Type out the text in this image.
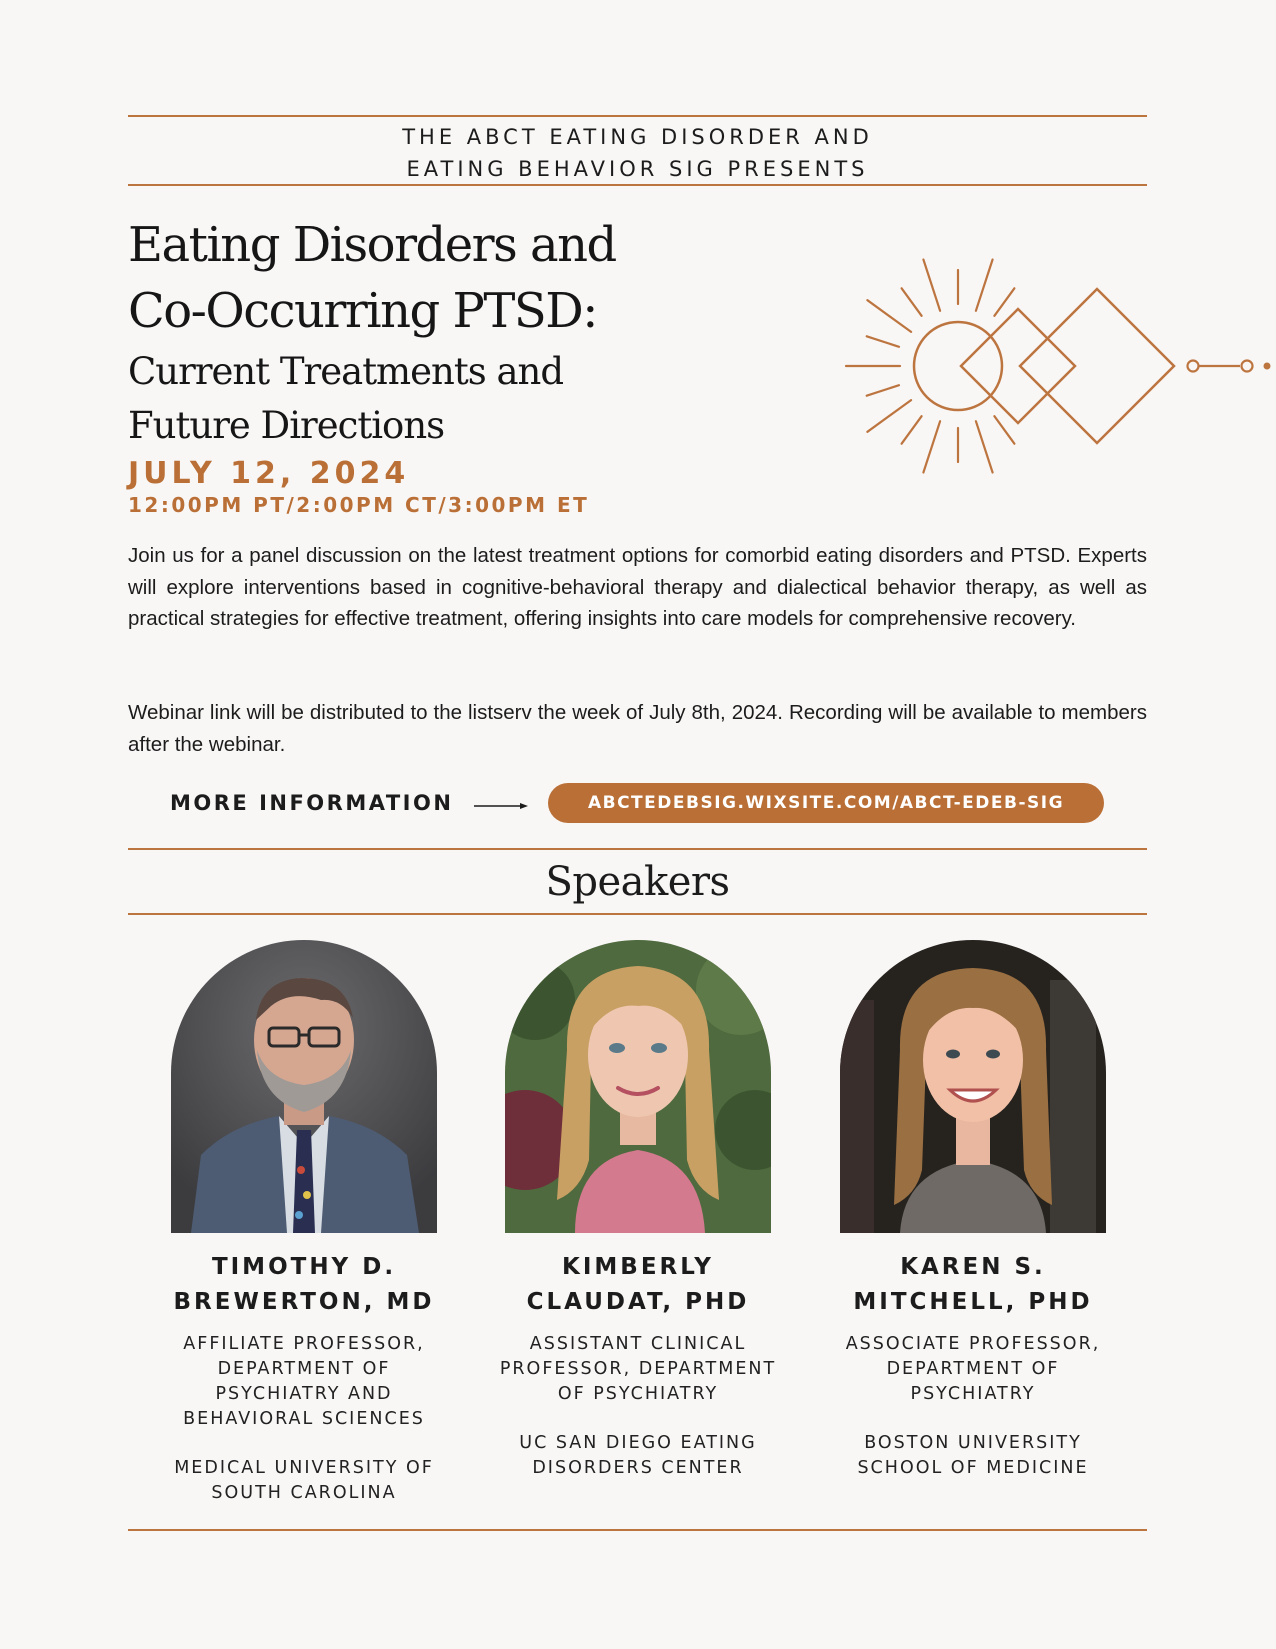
THE ABCT EATING DISORDER AND
EATING BEHAVIOR SIG PRESENTS
Eating Disorders and
Co-Occurring PTSD:
Current Treatments and
Future Directions
JULY 12, 2024
12:00PM PT/2:00PM CT/3:00PM ET
Join us for a panel discussion on the latest treatment options for comorbid eating disorders and PTSD. Experts will explore interventions based in cognitive-behavioral therapy and dialectical behavior therapy, as well as practical strategies for effective treatment, offering insights into care models for comprehensive recovery.
Webinar link will be distributed to the listserv the week of July 8th, 2024. Recording will be available to members after the webinar.
MORE INFORMATION	ABCTEDEBSIG.WIXSITE.COM/ABCT-EDEB-SIG
Speakers
TIMOTHY D.
BREWERTON, MD
AFFILIATE PROFESSOR,
DEPARTMENT OF
PSYCHIATRY AND
BEHAVIORAL SCIENCES
MEDICAL UNIVERSITY OF
SOUTH CAROLINA
KIMBERLY
CLAUDAT, PHD
ASSISTANT CLINICAL
PROFESSOR, DEPARTMENT
OF PSYCHIATRY
UC SAN DIEGO EATING
DISORDERS CENTER
KAREN S.
MITCHELL, PHD
ASSOCIATE PROFESSOR,
DEPARTMENT OF
PSYCHIATRY
BOSTON UNIVERSITY
SCHOOL OF MEDICINE
